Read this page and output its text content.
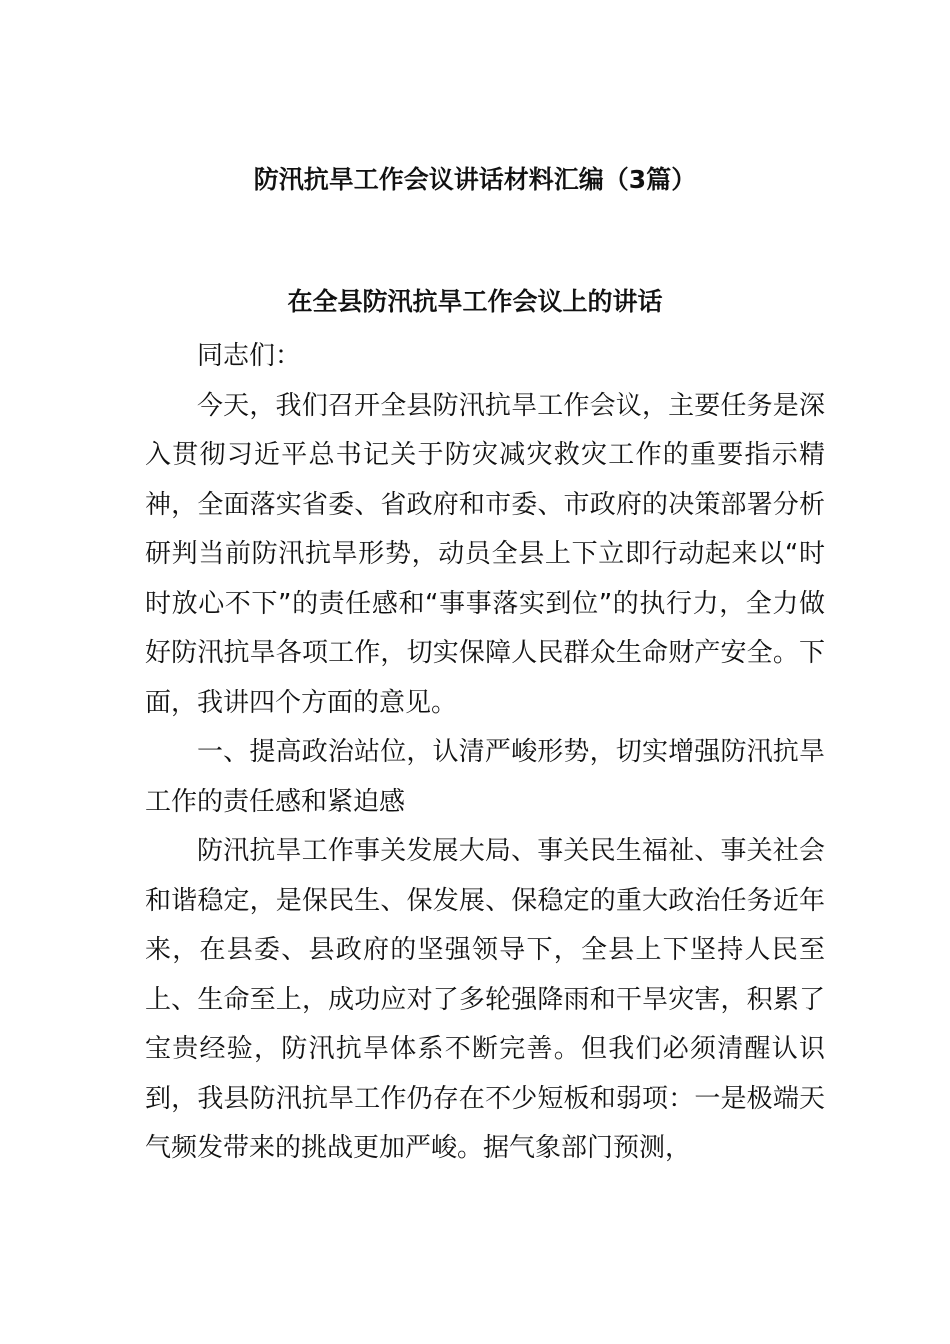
防汛抗旱工作会议讲话材料汇编（3篇）
在全县防汛抗旱工作会议上的讲话

同志们：

今天，我们召开全县防汛抗旱工作会议，主要任务是深入贯彻习近平总书记关于防灾减灾救灾工作的重要指示精神，全面落实省委、省政府和市委、市政府的决策部署分析研判当前防汛抗旱形势，动员全县上下立即行动起来以“时时放心不下”的责任感和“事事落实到位”的执行力，全力做好防汛抗旱各项工作，切实保障人民群众生命财产安全。下面，我讲四个方面的意见。

一、提高政治站位，认清严峻形势，切实增强防汛抗旱工作的责任感和紧迫感

防汛抗旱工作事关发展大局、事关民生福祉、事关社会和谐稳定，是保民生、保发展、保稳定的重大政治任务近年来，在县委、县政府的坚强领导下，全县上下坚持人民至上、生命至上，成功应对了多轮强降雨和干旱灾害，积累了宝贵经验，防汛抗旱体系不断完善。但我们必须清醒认识到，我县防汛抗旱工作仍存在不少短板和弱项：一是极端天气频发带来的挑战更加严峻。据气象部门预测，
